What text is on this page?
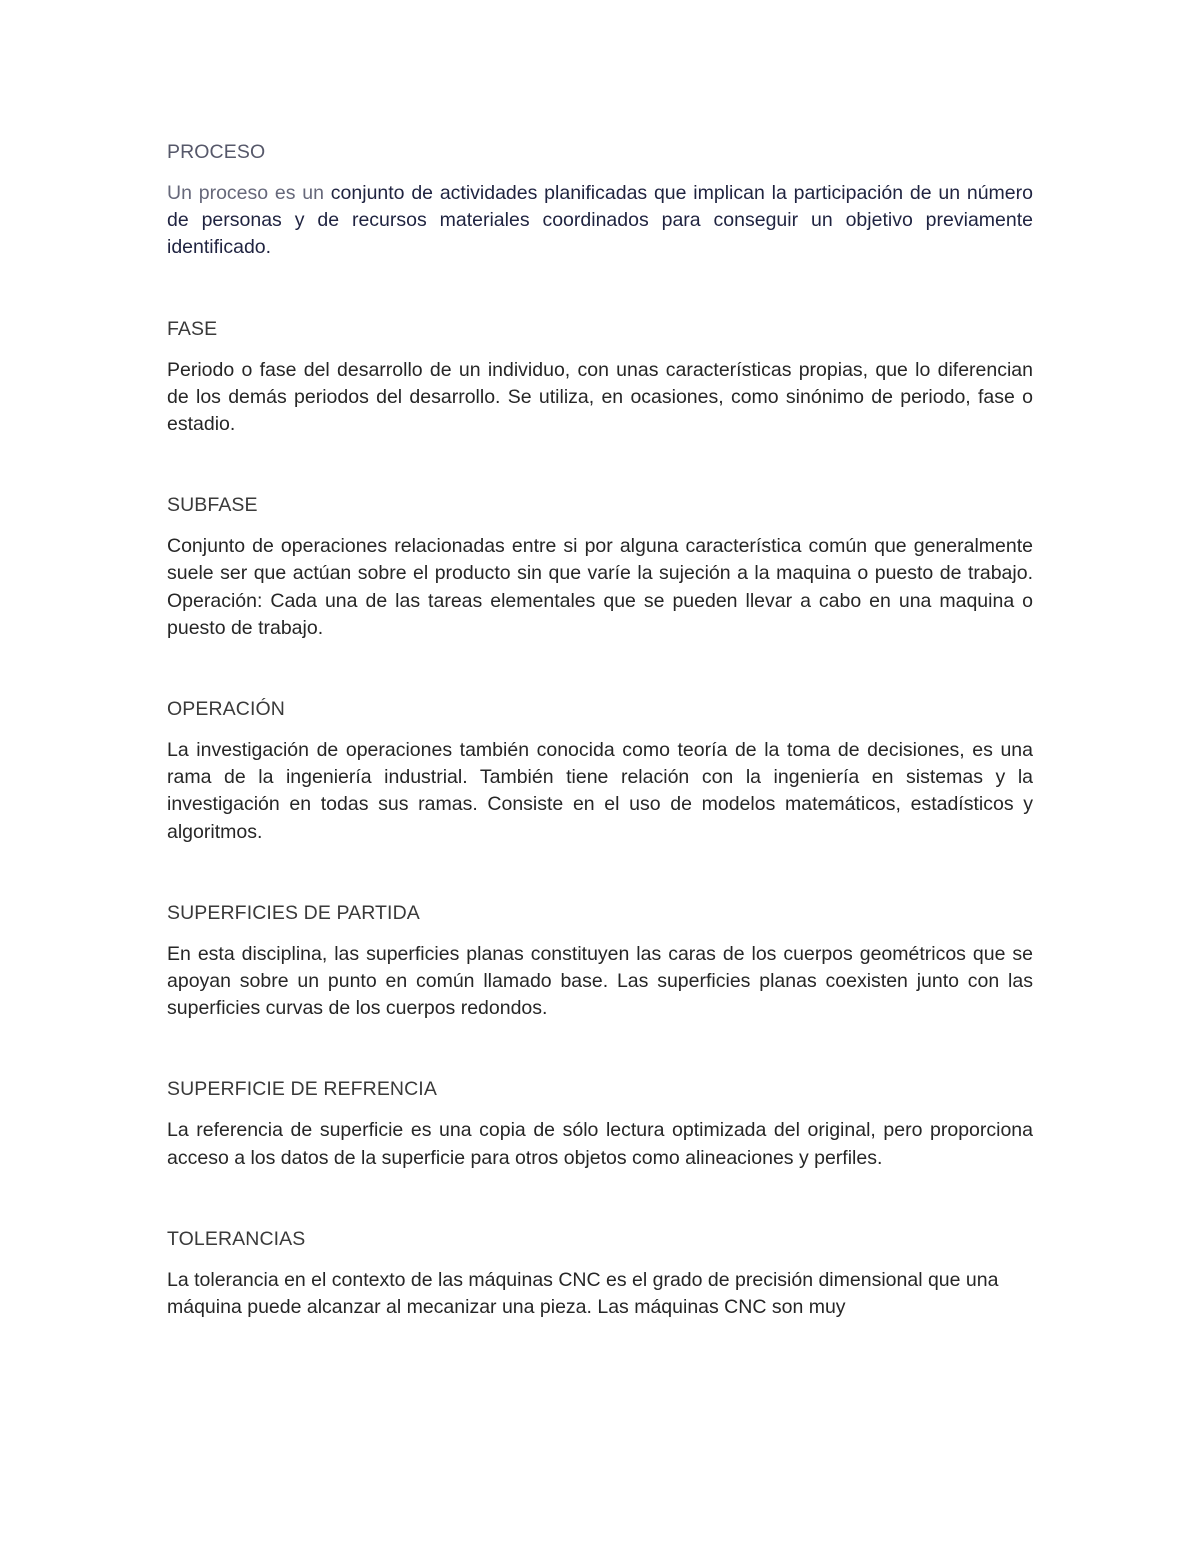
PROCESO

Un proceso es un conjunto de actividades planificadas que implican la participación de un número de personas y de recursos materiales coordinados para conseguir un objetivo previamente identificado.

FASE

Periodo o fase del desarrollo de un individuo, con unas características propias, que lo diferencian de los demás periodos del desarrollo. Se utiliza, en ocasiones, como sinónimo de periodo, fase o estadio.

SUBFASE

Conjunto de operaciones relacionadas entre si por alguna característica común que generalmente suele ser que actúan sobre el producto sin que varíe la sujeción a la maquina o puesto de trabajo. Operación: Cada una de las tareas elementales que se pueden llevar a cabo en una maquina o puesto de trabajo.

OPERACIÓN

La investigación de operaciones también conocida como teoría de la toma de decisiones, es una rama de la ingeniería industrial. También tiene relación con la ingeniería en sistemas y la investigación en todas sus ramas. Consiste en el uso de modelos matemáticos, estadísticos y algoritmos.

SUPERFICIES DE PARTIDA

En esta disciplina, las superficies planas constituyen las caras de los cuerpos geométricos que se apoyan sobre un punto en común llamado base. Las superficies planas coexisten junto con las superficies curvas de los cuerpos redondos.

SUPERFICIE DE REFRENCIA

La referencia de superficie es una copia de sólo lectura optimizada del original, pero proporciona acceso a los datos de la superficie para otros objetos como alineaciones y perfiles.

TOLERANCIAS

La tolerancia en el contexto de las máquinas CNC es el grado de precisión dimensional que una máquina puede alcanzar al mecanizar una pieza. Las máquinas CNC son muy
